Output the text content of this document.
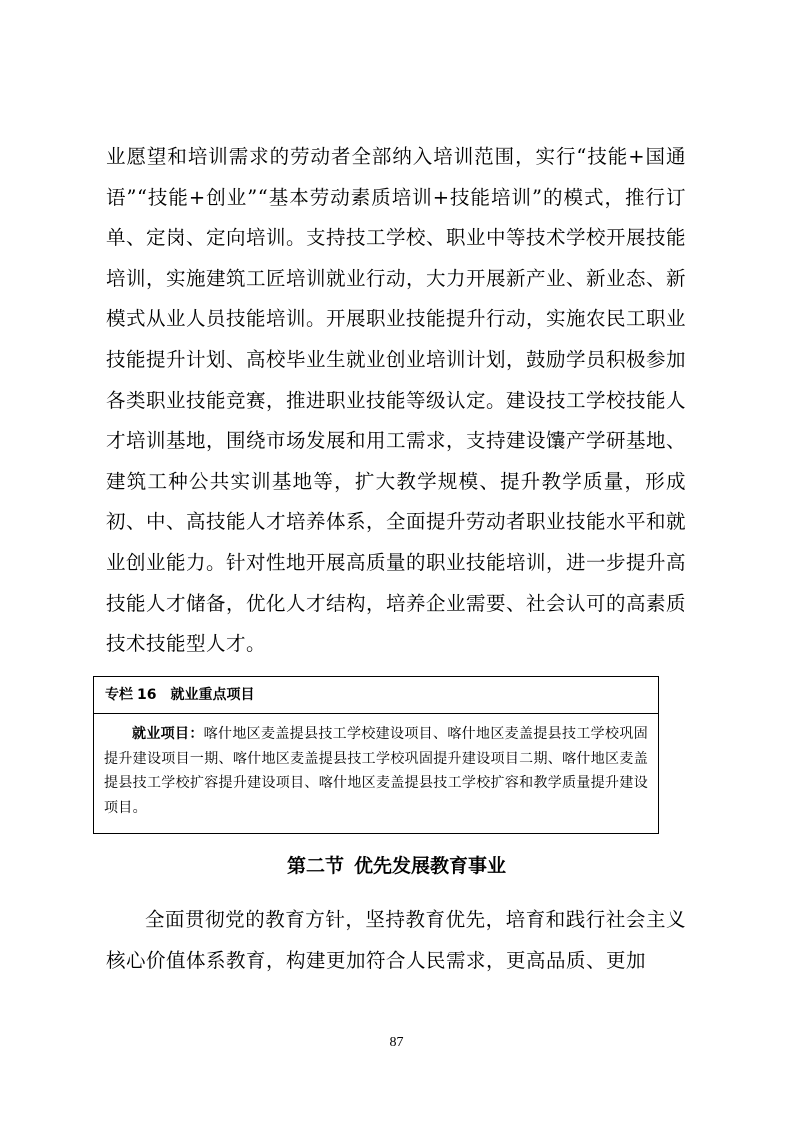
业愿望和培训需求的劳动者全部纳入培训范围，实行“技能+国通语”“技能+创业”“基本劳动素质培训+技能培训”的模式，推行订单、定岗、定向培训。支持技工学校、职业中等技术学校开展技能培训，实施建筑工匠培训就业行动，大力开展新产业、新业态、新模式从业人员技能培训。开展职业技能提升行动，实施农民工职业技能提升计划、高校毕业生就业创业培训计划，鼓励学员积极参加各类职业技能竞赛，推进职业技能等级认定。建设技工学校技能人才培训基地，围绕市场发展和用工需求，支持建设馕产学研基地、建筑工种公共实训基地等，扩大教学规模、提升教学质量，形成初、中、高技能人才培养体系，全面提升劳动者职业技能水平和就业创业能力。针对性地开展高质量的职业技能培训，进一步提升高技能人才储备，优化人才结构，培养企业需要、社会认可的高素质技术技能型人才。

专栏 16 就业重点项目
就业项目：喀什地区麦盖提县技工学校建设项目、喀什地区麦盖提县技工学校巩固提升建设项目一期、喀什地区麦盖提县技工学校巩固提升建设项目二期、喀什地区麦盖提县技工学校扩容提升建设项目、喀什地区麦盖提县技工学校扩容和教学质量提升建设项目。
第二节 优先发展教育事业

全面贯彻党的教育方针，坚持教育优先，培育和践行社会主义核心价值体系教育，构建更加符合人民需求，更高品质、更加

87
